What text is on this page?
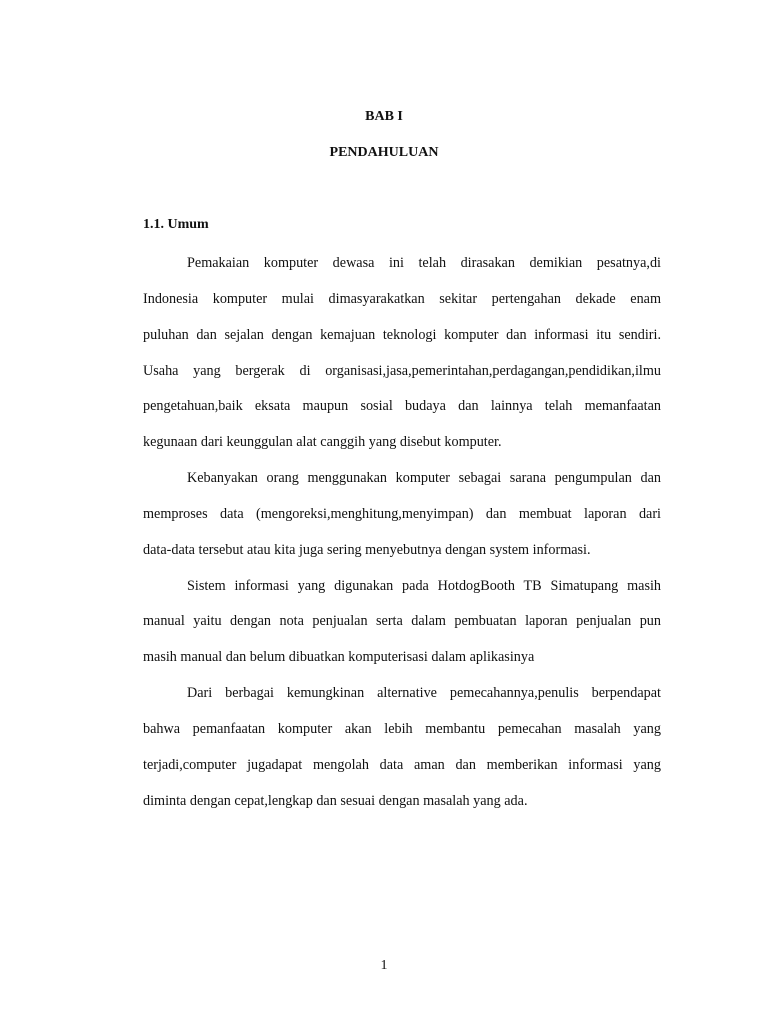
BAB I
PENDAHULUAN
1.1. Umum
Pemakaian komputer dewasa ini telah dirasakan demikian pesatnya,di
Indonesia komputer mulai dimasyarakatkan sekitar pertengahan dekade enam
puluhan dan sejalan dengan kemajuan teknologi komputer dan informasi itu sendiri.
Usaha yang bergerak di organisasi,jasa,pemerintahan,perdagangan,pendidikan,ilmu
pengetahuan,baik eksata maupun sosial budaya dan lainnya telah memanfaatan
kegunaan dari keunggulan alat canggih yang disebut komputer.
Kebanyakan orang menggunakan komputer sebagai sarana pengumpulan dan
memproses data (mengoreksi,menghitung,menyimpan) dan membuat laporan dari
data-data tersebut atau kita juga sering menyebutnya dengan system informasi.
Sistem informasi yang digunakan pada HotdogBooth TB Simatupang masih
manual yaitu dengan nota penjualan serta dalam pembuatan laporan penjualan pun
masih manual dan belum dibuatkan komputerisasi dalam aplikasinya
Dari berbagai kemungkinan alternative pemecahannya,penulis berpendapat
bahwa pemanfaatan komputer akan lebih membantu pemecahan masalah yang
terjadi,computer jugadapat mengolah data aman dan memberikan informasi yang
diminta dengan cepat,lengkap dan sesuai dengan masalah yang ada.

1
